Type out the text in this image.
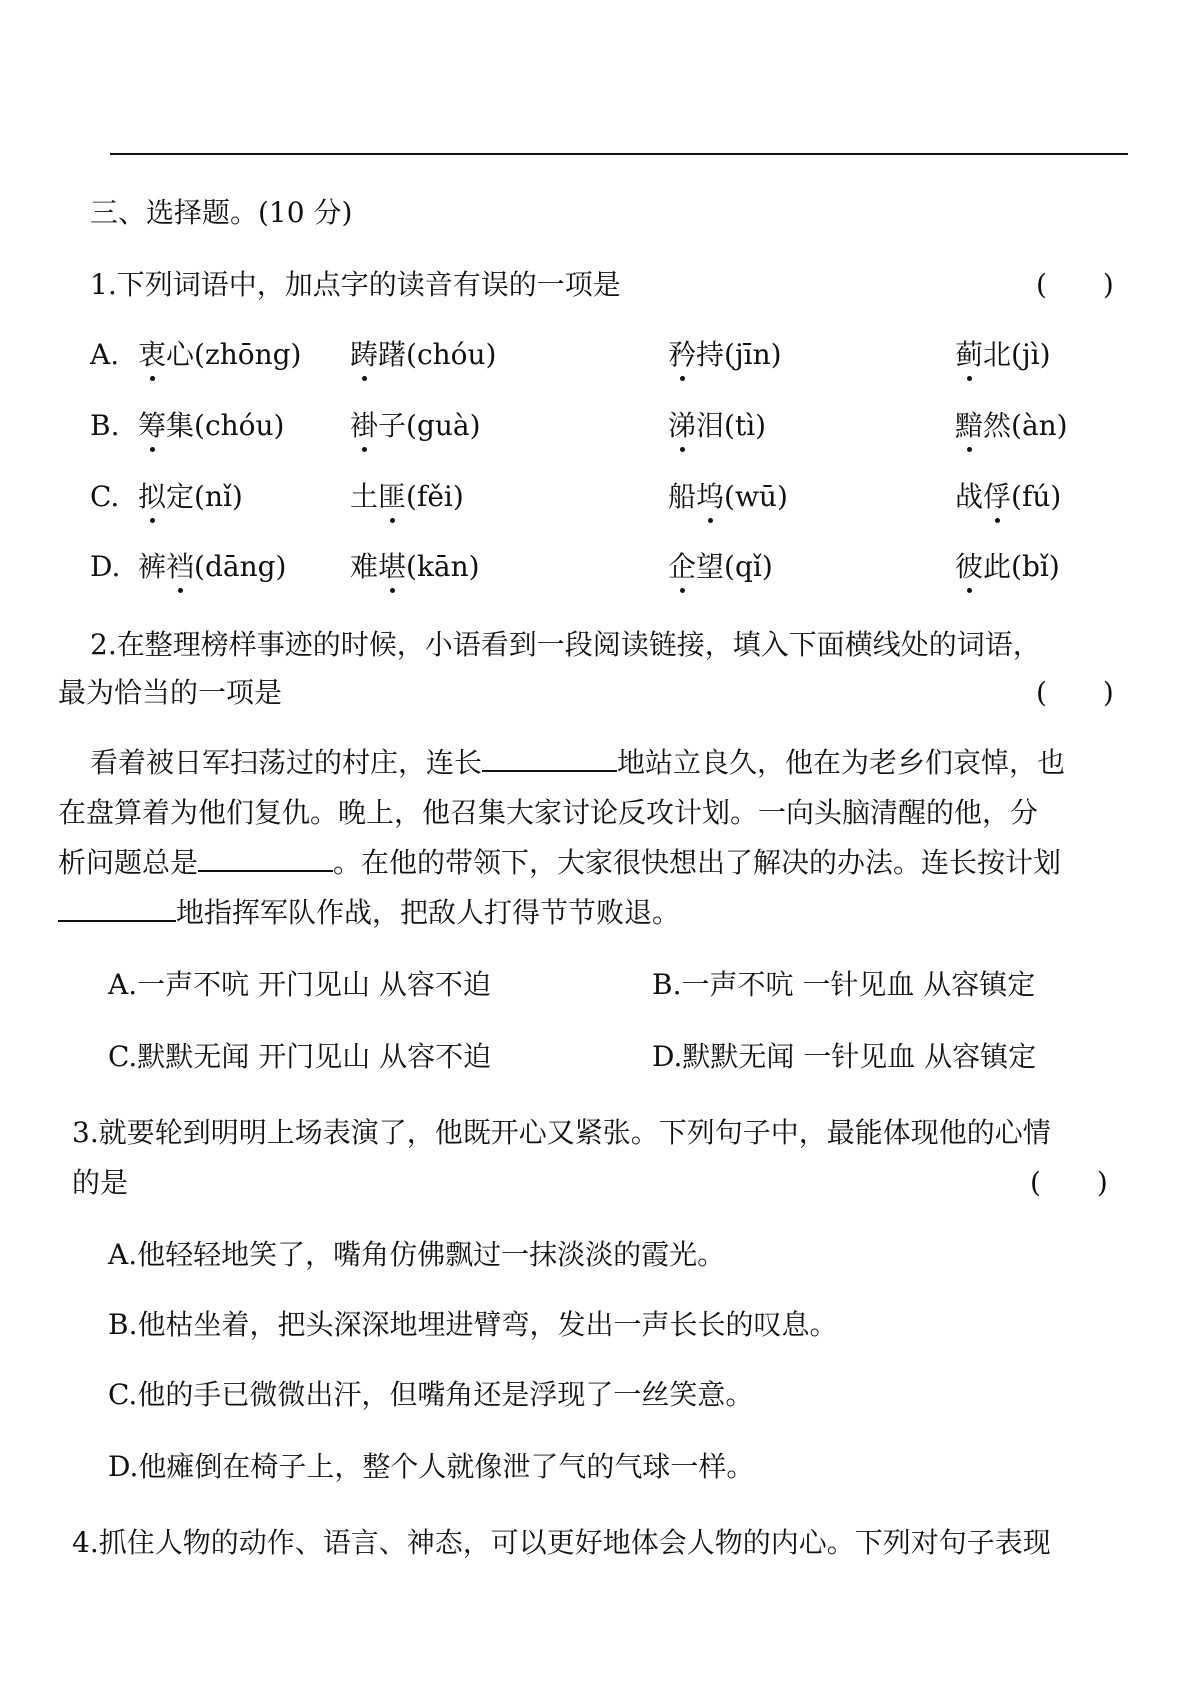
三、选择题。(10 分)
1.下列词语中，加点字的读音有误的一项是	(　　)
A. 衷心(zhōng) 踌躇(chóu)	矜持(jīn)	蓟北(jì)
B. 筹集(chóu) 褂子(guà)	涕泪(tì)	黯然(àn)
C. 拟定(nǐ)	土匪(fěi)	船坞(wū)	战俘(fú)
D. 裤裆(dāng) 难堪(kān)	企望(qǐ)	彼此(bǐ)
2.在整理榜样事迹的时候，小语看到一段阅读链接，填入下面横线处的词语，
最为恰当的一项是	(　　)
看着被日军扫荡过的村庄，连长	地站立良久，他在为老乡们哀悼，也
在盘算着为他们复仇。晚上，他召集大家讨论反攻计划。一向头脑清醒的他，分
析问题总是	。在他的带领下，大家很快想出了解决的办法。连长按计划
地指挥军队作战，把敌人打得节节败退。
A.一声不吭 开门见山 从容不迫	B.一声不吭 一针见血 从容镇定
C.默默无闻 开门见山 从容不迫	D.默默无闻 一针见血 从容镇定
3.就要轮到明明上场表演了，他既开心又紧张。下列句子中，最能体现他的心情
的是	(　　)
A.他轻轻地笑了，嘴角仿佛飘过一抹淡淡的霞光。
B.他枯坐着，把头深深地埋进臂弯，发出一声长长的叹息。
C.他的手已微微出汗，但嘴角还是浮现了一丝笑意。
D.他瘫倒在椅子上，整个人就像泄了气的气球一样。
4.抓住人物的动作、语言、神态，可以更好地体会人物的内心。下列对句子表现
